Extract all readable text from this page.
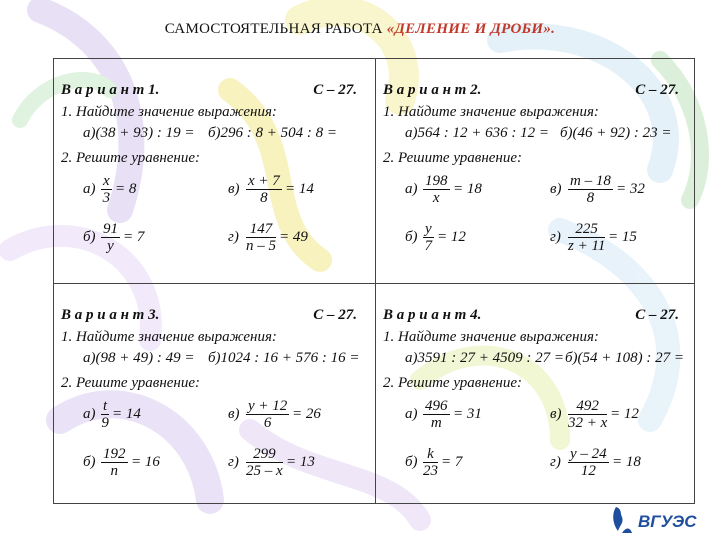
САМОСТОЯТЕЛЬНАЯ РАБОТА «ДЕЛЕНИЕ И ДРОБИ».
В а р и а н т 1.	С – 27.
1. Найдите значение выражения:
а)(38 + 93) : 19 = б)296 : 8 + 504 : 8 =
2. Решите уравнение:
$а) \frac{x}{3} = 8$	$в) \frac{x + 7}{8} = 14$
$б) \frac{91}{y} = 7$	$г) \frac{147}{n - 5} = 49$
В а р и а н т 2.	С – 27.
1. Найдите значение выражения:
а)564 : 12 + 636 : 12 = б)(46 + 92) : 23 =
2. Решите уравнение:
$а) \frac{198}{x} = 18$	$в) \frac{m - 18}{8} = 32$
$б) \frac{y}{7} = 12$	$г) \frac{225}{z + 11} = 15$
В а р и а н т 3.	С – 27.
1. Найдите значение выражения:
а)(98 + 49) : 49 = б)1024 : 16 + 576 : 16 =
2. Решите уравнение:
$а) \frac{t}{9} = 14$	$в) \frac{y + 12}{6} = 26$
$б) \frac{192}{n} = 16$	$г) \frac{299}{25 - x} = 13$
В а р и а н т 4.	С – 27.
1. Найдите значение выражения:
а)3591 : 27 + 4509 : 27 = б)(54 + 108) : 27 =
2. Решите уравнение:
$а) \frac{496}{m} = 31$	$в) \frac{492}{32 + x} = 12$
$б) \frac{k}{23} = 7$	$г) \frac{y - 24}{12} = 18$
ВГУЭС
